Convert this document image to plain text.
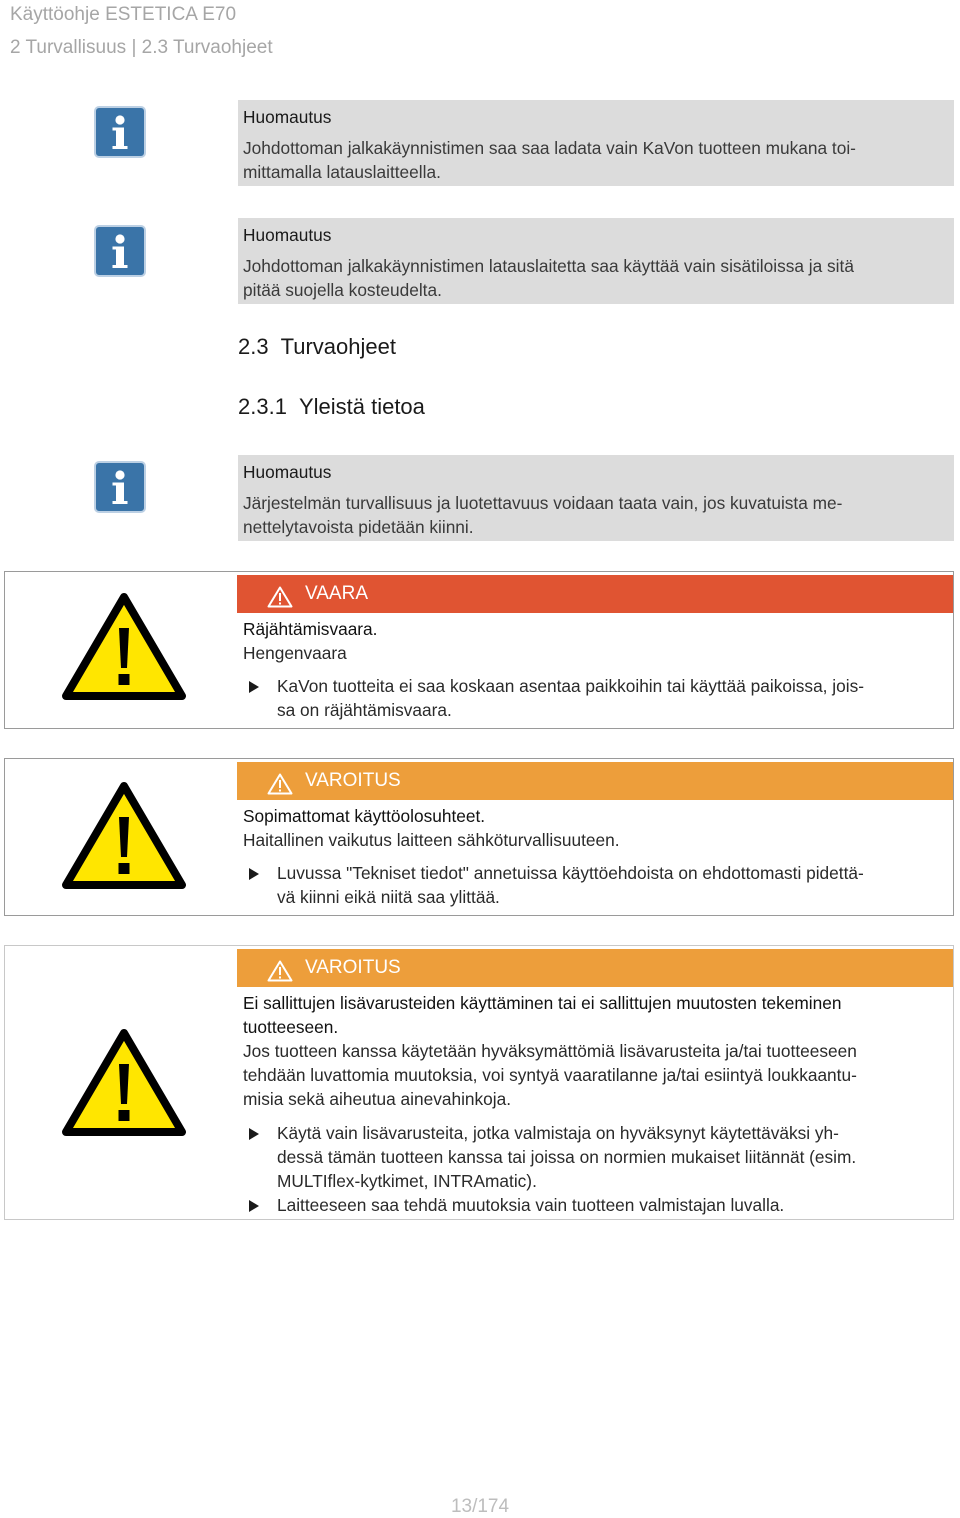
Käyttöohje ESTETICA E70
2 Turvallisuus | 2.3 Turvaohjeet
Huomautus
Johdottoman jalkakäynnistimen saa saa ladata vain KaVon tuotteen mukana toi-
mittamalla latauslaitteella.
Huomautus
Johdottoman jalkakäynnistimen latauslaitetta saa käyttää vain sisätiloissa ja sitä
pitää suojella kosteudelta.
2.3 Turvaohjeet
2.3.1 Yleistä tietoa
Huomautus
Järjestelmän turvallisuus ja luotettavuus voidaan taata vain, jos kuvatuista me-
nettelytavoista pidetään kiinni.
VAARA
Räjähtämisvaara.
Hengenvaara
KaVon tuotteita ei saa koskaan asentaa paikkoihin tai käyttää paikoissa, jois-
sa on räjähtämisvaara.
VAROITUS
Sopimattomat käyttöolosuhteet.
Haitallinen vaikutus laitteen sähköturvallisuuteen.
Luvussa "Tekniset tiedot" annetuissa käyttöehdoista on ehdottomasti pidettä-
vä kiinni eikä niitä saa ylittää.
VAROITUS
Ei sallittujen lisävarusteiden käyttäminen tai ei sallittujen muutosten tekeminen
tuotteeseen.
Jos tuotteen kanssa käytetään hyväksymättömiä lisävarusteita ja/tai tuotteeseen
tehdään luvattomia muutoksia, voi syntyä vaaratilanne ja/tai esiintyä loukkaantu-
misia sekä aiheutua ainevahinkoja.
Käytä vain lisävarusteita, jotka valmistaja on hyväksynyt käytettäväksi yh-
dessä tämän tuotteen kanssa tai joissa on normien mukaiset liitännät (esim.
MULTIflex-kytkimet, INTRAmatic).
Laitteeseen saa tehdä muutoksia vain tuotteen valmistajan luvalla.
13/174
